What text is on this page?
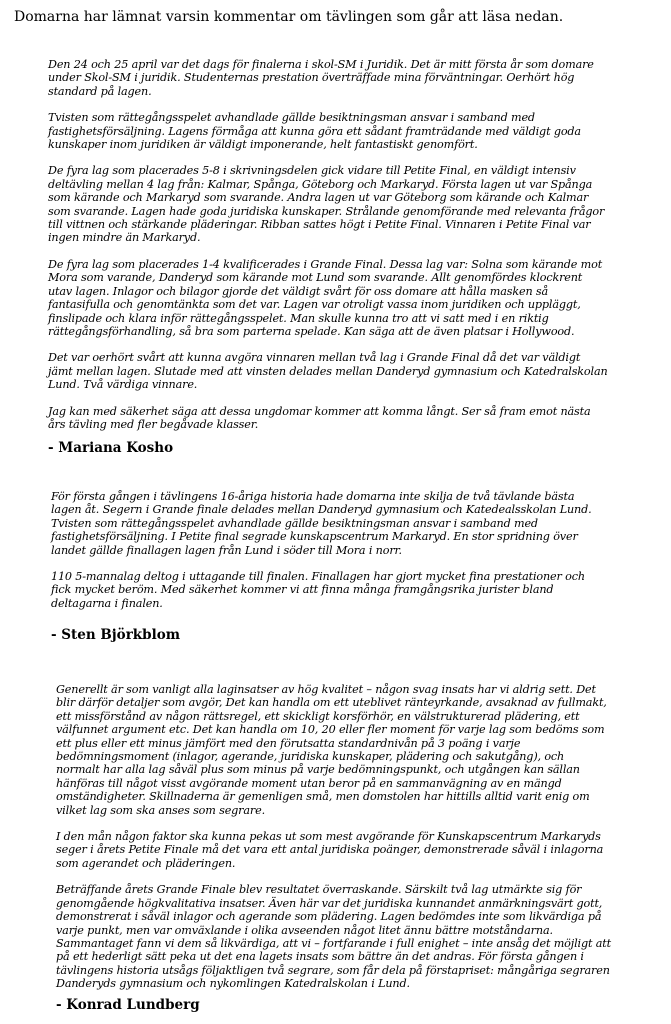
Domarna har lämnat varsin kommentar om tävlingen som går att läsa nedan.

Den 24 och 25 april var det dags för finalerna i skol-SM i Juridik. Det är mitt första år som domare under Skol-SM i juridik. Studenternas prestation överträffade mina förväntningar. Oerhört hög standard på lagen.

Tvisten som rättegångsspelet avhandlade gällde besiktningsman ansvar i samband med fastighetsförsäljning. Lagens förmåga att kunna göra ett sådant framträdande med väldigt goda kunskaper inom juridiken är väldigt imponerande, helt fantastiskt genomfört.

De fyra lag som placerades 5-8 i skrivningsdelen gick vidare till Petite Final, en väldigt intensiv deltävling mellan 4 lag från: Kalmar, Spånga, Göteborg och Markaryd. Första lagen ut var Spånga som kärande och Markaryd som svarande. Andra lagen ut var Göteborg som kärande och Kalmar som svarande. Lagen hade goda juridiska kunskaper. Strålande genomförande med relevanta frågor till vittnen och stärkande pläderingar. Ribban sattes högt i Petite Final. Vinnaren i Petite Final var ingen mindre än Markaryd.

De fyra lag som placerades 1-4 kvalificerades i Grande Final. Dessa lag var: Solna som kärande mot Mora som varande, Danderyd som kärande mot Lund som svarande. Allt genomfördes klockrent utav lagen. Inlagor och bilagor gjorde det väldigt svårt för oss domare att hålla masken så fantasifulla och genomtänkta som det var. Lagen var otroligt vassa inom juridiken och uppläggt, finslipade och klara inför rättegångsspelet. Man skulle kunna tro att vi satt med i en riktig rättegångsförhandling, så bra som parterna spelade. Kan säga att de även platsar i Hollywood.

Det var oerhört svårt att kunna avgöra vinnaren mellan två lag i Grande Final då det var väldigt jämt mellan lagen. Slutade med att vinsten delades mellan Danderyd gymnasium och Katedralskolan Lund. Två värdiga vinnare.

Jag kan med säkerhet säga att dessa ungdomar kommer att komma långt. Ser så fram emot nästa års tävling med fler begåvade klasser.

- Mariana Kosho

För första gången i tävlingens 16-åriga historia hade domarna inte skilja de två tävlande bästa lagen åt. Segern i Grande finale delades mellan Danderyd gymnasium och Katedealsskolan Lund. Tvisten som rättegångsspelet avhandlade gällde besiktningsman ansvar i samband med fastighetsförsäljning. I Petite final segrade kunskapscentrum Markaryd. En stor spridning över landet gällde finallagen lagen från Lund i söder till Mora i norr.

110 5-mannalag deltog i uttagande till finalen. Finallagen har gjort mycket fina prestationer och fick mycket beröm. Med säkerhet kommer vi att finna många framgångsrika jurister bland deltagarna i finalen.

- Sten Björkblom

Generellt är som vanligt alla laginsatser av hög kvalitet – någon svag insats har vi aldrig sett. Det blir därför detaljer som avgör, Det kan handla om ett uteblivet ränteyrkande, avsaknad av fullmakt, ett missförstånd av någon rättsregel, ett skickligt korsförhör, en välstrukturerad plädering, ett välfunnet argument etc. Det kan handla om 10, 20 eller fler moment för varje lag som bedöms som ett plus eller ett minus jämfört med den förutsatta standardnivån på 3 poäng i varje bedömningsmoment (inlagor, agerande, juridiska kunskaper, plädering och sakutgång), och normalt har alla lag såväl plus som minus på varje bedömningspunkt, och utgången kan sällan hänföras till något visst avgörande moment utan beror på en sammanvägning av en mängd omständigheter. Skillnaderna är gemenligen små, men domstolen har hittills alltid varit enig om vilket lag som ska anses som segrare.

I den mån någon faktor ska kunna pekas ut som mest avgörande för Kunskapscentrum Markaryds seger i årets Petite Finale må det vara ett antal juridiska poänger, demonstrerade såväl i inlagorna som agerandet och pläderingen.

Beträffande årets Grande Finale blev resultatet överraskande. Särskilt två lag utmärkte sig för genomgående högkvalitativa insatser. Även här var det juridiska kunnandet anmärkningsvärt gott, demonstrerat i såväl inlagor och agerande som plädering. Lagen bedömdes inte som likvärdiga på varje punkt, men var omväxlande i olika avseenden något litet ännu bättre motståndarna. Sammantaget fann vi dem så likvärdiga, att vi – fortfarande i full enighet – inte ansåg det möjligt att på ett hederligt sätt peka ut det ena lagets insats som bättre än det andras. För första gången i tävlingens historia utsågs följaktligen två segrare, som får dela på förstapriset: mångåriga segraren Danderyds gymnasium och nykomlingen Katedralskolan i Lund.

- Konrad Lundberg
